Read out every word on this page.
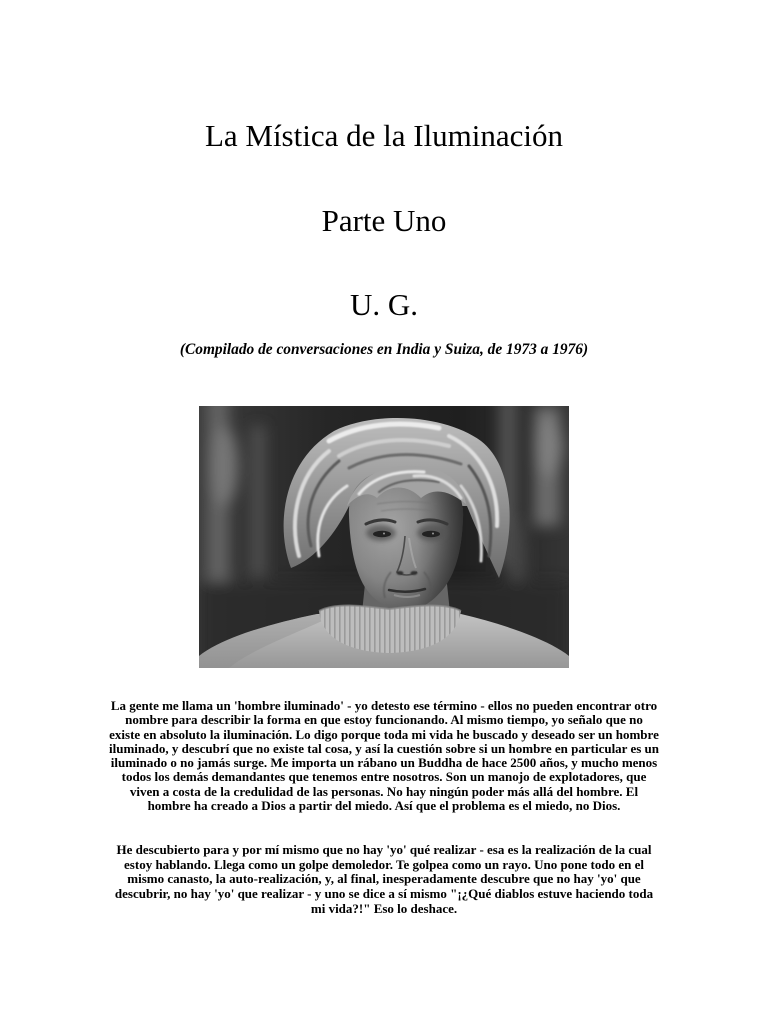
La Mística de la Iluminación
Parte Uno
U. G.

(Compilado de conversaciones en India y Suiza, de 1973 a 1976)

La gente me llama un 'hombre iluminado' - yo detesto ese término - ellos no pueden encontrar otro
nombre para describir la forma en que estoy funcionando. Al mismo tiempo, yo señalo que no
existe en absoluto la iluminación. Lo digo porque toda mi vida he buscado y deseado ser un hombre
iluminado, y descubrí que no existe tal cosa, y así la cuestión sobre si un hombre en particular es un
iluminado o no jamás surge. Me importa un rábano un Buddha de hace 2500 años, y mucho menos
todos los demás demandantes que tenemos entre nosotros. Son un manojo de explotadores, que
viven a costa de la credulidad de las personas. No hay ningún poder más allá del hombre. El
hombre ha creado a Dios a partir del miedo. Así que el problema es el miedo, no Dios.
He descubierto para y por mí mismo que no hay 'yo' qué realizar - esa es la realización de la cual
estoy hablando. Llega como un golpe demoledor. Te golpea como un rayo. Uno pone todo en el
mismo canasto, la auto-realización, y, al final, inesperadamente descubre que no hay 'yo' que
descubrir, no hay 'yo' que realizar - y uno se dice a sí mismo "¡¿Qué diablos estuve haciendo toda
mi vida?!" Eso lo deshace.
